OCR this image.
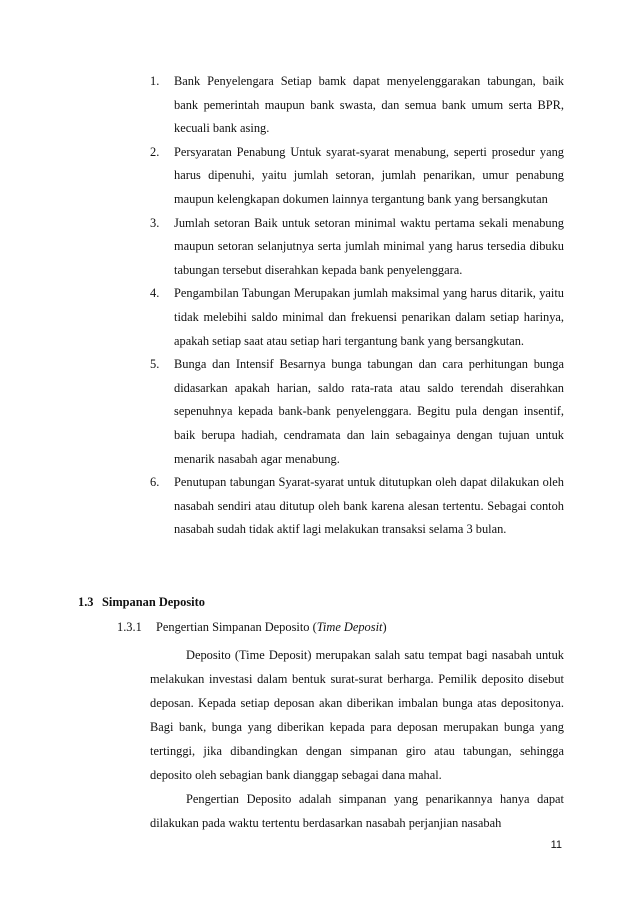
1. Bank Penyelengara Setiap bamk dapat menyelenggarakan tabungan, baik bank pemerintah maupun bank swasta, dan semua bank umum serta BPR, kecuali bank asing.
2. Persyaratan Penabung Untuk syarat-syarat menabung, seperti prosedur yang harus dipenuhi, yaitu jumlah setoran, jumlah penarikan, umur penabung maupun kelengkapan dokumen lainnya tergantung bank yang bersangkutan
3. Jumlah setoran Baik untuk setoran minimal waktu pertama sekali menabung maupun setoran selanjutnya serta jumlah minimal yang harus tersedia dibuku tabungan tersebut diserahkan kepada bank penyelenggara.
4. Pengambilan Tabungan Merupakan jumlah maksimal yang harus ditarik, yaitu tidak melebihi saldo minimal dan frekuensi penarikan dalam setiap harinya, apakah setiap saat atau setiap hari tergantung bank yang bersangkutan.
5. Bunga dan Intensif Besarnya bunga tabungan dan cara perhitungan bunga didasarkan apakah harian, saldo rata-rata atau saldo terendah diserahkan sepenuhnya kepada bank-bank penyelenggara. Begitu pula dengan insentif, baik berupa hadiah, cendramata dan lain sebagainya dengan tujuan untuk menarik nasabah agar menabung.
6. Penutupan tabungan Syarat-syarat untuk ditutupkan oleh dapat dilakukan oleh nasabah sendiri atau ditutup oleh bank karena alesan tertentu. Sebagai contoh nasabah sudah tidak aktif lagi melakukan transaksi selama 3 bulan.
1.3 Simpanan Deposito
1.3.1 Pengertian Simpanan Deposito (Time Deposit)

Deposito (Time Deposit) merupakan salah satu tempat bagi nasabah untuk melakukan investasi dalam bentuk surat-surat berharga. Pemilik deposito disebut deposan. Kepada setiap deposan akan diberikan imbalan bunga atas depositonya. Bagi bank, bunga yang diberikan kepada para deposan merupakan bunga yang tertinggi, jika dibandingkan dengan simpanan giro atau tabungan, sehingga deposito oleh sebagian bank dianggap sebagai dana mahal.

Pengertian Deposito adalah simpanan yang penarikannya hanya dapat dilakukan pada waktu tertentu berdasarkan nasabah perjanjian nasabah

11
